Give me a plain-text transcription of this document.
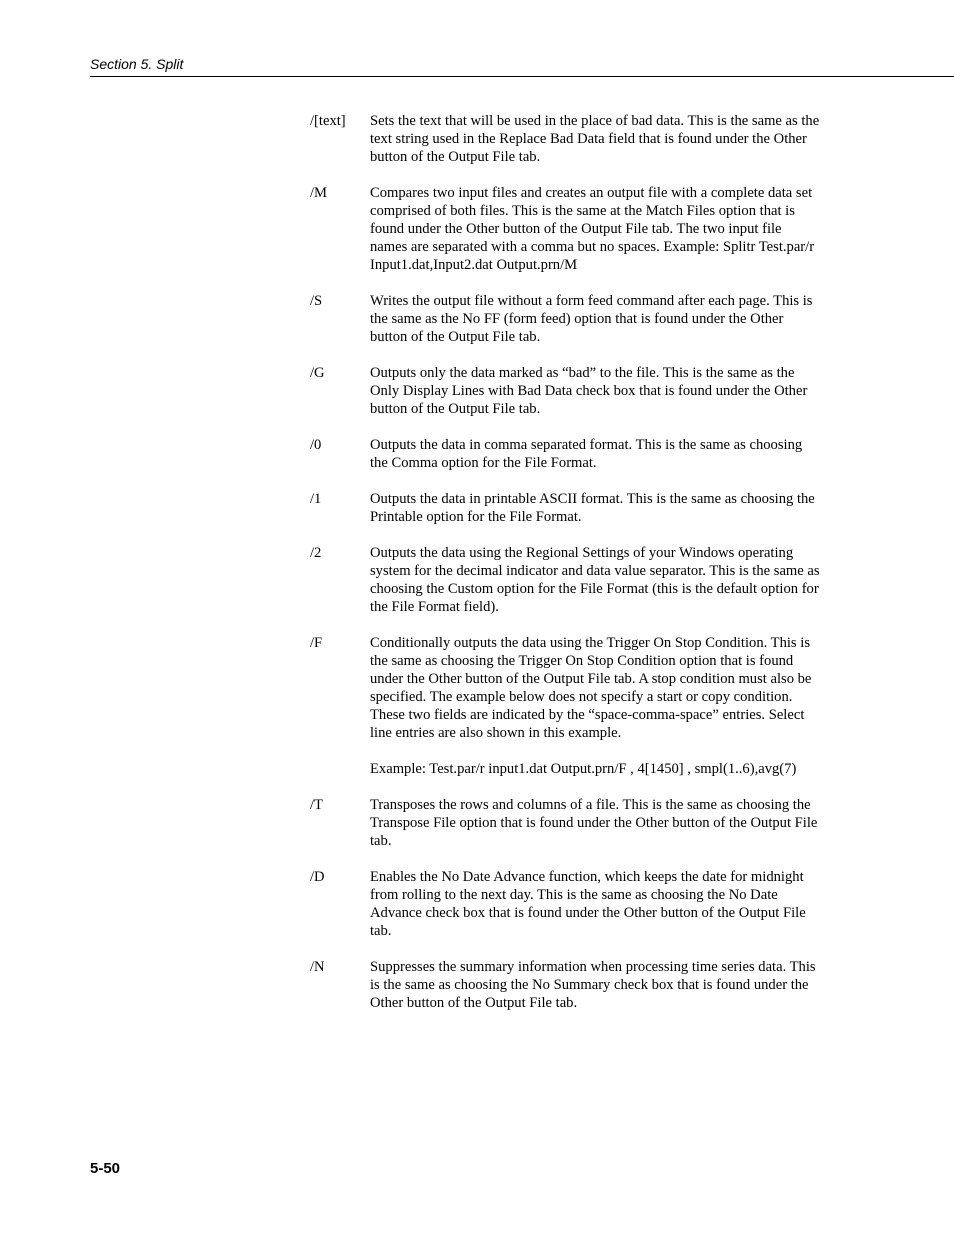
Section 5. Split
/[text]	Sets the text that will be used in the place of bad data. This is the same as the text string used in the Replace Bad Data field that is found under the Other button of the Output File tab.

/M	Compares two input files and creates an output file with a complete data set comprised of both files. This is the same at the Match Files option that is found under the Other button of the Output File tab. The two input file names are separated with a comma but no spaces. Example: Splitr Test.par/r Input1.dat,Input2.dat Output.prn/M

/S	Writes the output file without a form feed command after each page. This is the same as the No FF (form feed) option that is found under the Other button of the Output File tab.

/G	Outputs only the data marked as “bad” to the file. This is the same as the Only Display Lines with Bad Data check box that is found under the Other button of the Output File tab.

/0	Outputs the data in comma separated format. This is the same as choosing the Comma option for the File Format.

/1	Outputs the data in printable ASCII format. This is the same as choosing the Printable option for the File Format.

/2	Outputs the data using the Regional Settings of your Windows operating system for the decimal indicator and data value separator. This is the same as choosing the Custom option for the File Format (this is the default option for the File Format field).

/F	Conditionally outputs the data using the Trigger On Stop Condition. This is the same as choosing the Trigger On Stop Condition option that is found under the Other button of the Output File tab. A stop condition must also be specified. The example below does not specify a start or copy condition. These two fields are indicated by the “space-comma-space” entries. Select line entries are also shown in this example.

Example: Test.par/r input1.dat Output.prn/F , 4[1450] , smpl(1..6),avg(7)

/T	Transposes the rows and columns of a file. This is the same as choosing the Transpose File option that is found under the Other button of the Output File tab.

/D	Enables the No Date Advance function, which keeps the date for midnight from rolling to the next day. This is the same as choosing the No Date Advance check box that is found under the Other button of the Output File tab.

/N	Suppresses the summary information when processing time series data. This is the same as choosing the No Summary check box that is found under the Other button of the Output File tab.

5-50
